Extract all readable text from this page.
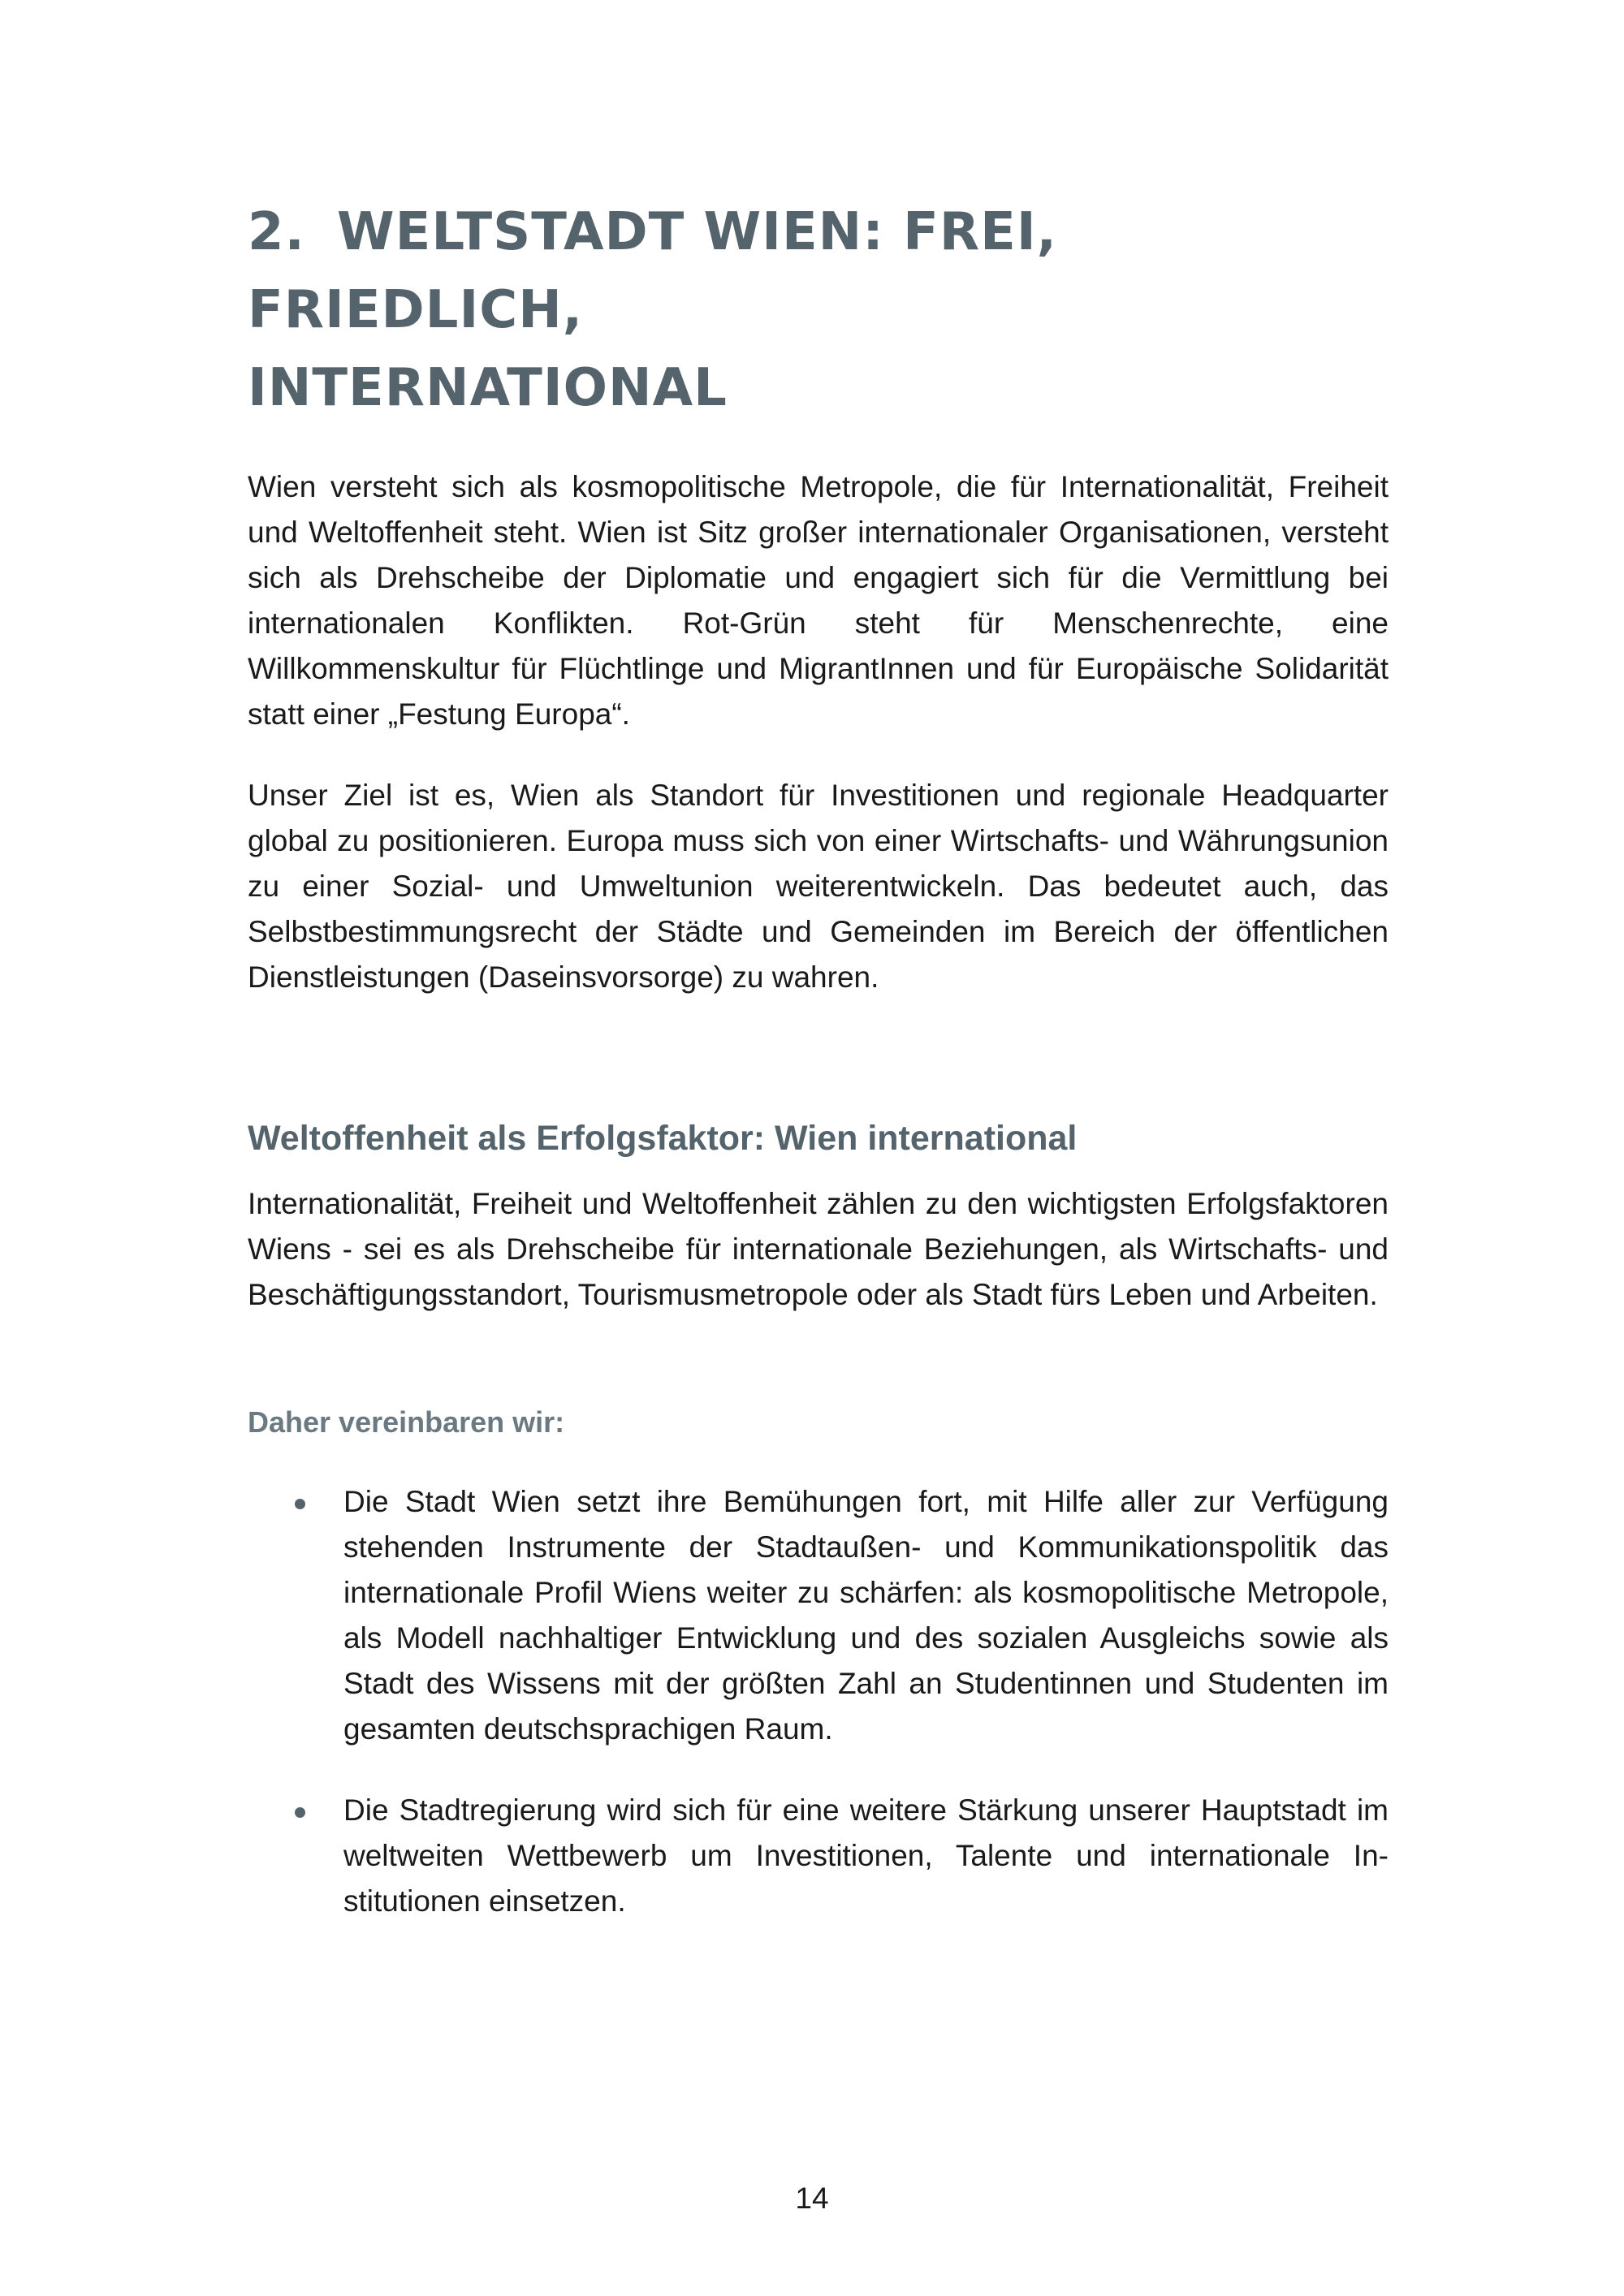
2. WELTSTADT WIEN: FREI, FRIEDLICH,
INTERNATIONAL

Wien versteht sich als kosmopolitische Metropole, die für Internationalität, Freiheit und Weltoffenheit steht. Wien ist Sitz großer internationaler Organisationen, versteht sich als Drehscheibe der Diplomatie und engagiert sich für die Vermittlung bei internationalen Konflikten. Rot-Grün steht für Menschenrechte, eine Willkommenskultur für Flüchtlinge und MigrantInnen und für Europäische Solidarität statt einer „Festung Europa“.

Unser Ziel ist es, Wien als Standort für Investitionen und regionale Headquarter global zu positionieren. Europa muss sich von einer Wirtschafts- und Währungsunion zu einer Sozial- und Umweltunion weiterentwickeln. Das bedeutet auch, das Selbstbestimmungsrecht der Städte und Gemeinden im Bereich der öffentlichen Dienstleistungen (Daseinsvorsorge) zu wahren.

Weltoffenheit als Erfolgsfaktor: Wien international

Internationalität, Freiheit und Weltoffenheit zählen zu den wichtigsten Erfolgsfaktoren Wiens - sei es als Drehscheibe für internationale Beziehungen, als Wirtschafts- und Beschäftigungsstandort, Tourismusmetropole oder als Stadt fürs Leben und Arbeiten.

Daher vereinbaren wir:
Die Stadt Wien setzt ihre Bemühungen fort, mit Hilfe aller zur Verfügung stehenden Instrumente der Stadtaußen- und Kommunikationspolitik das internationale Profil Wiens weiter zu schärfen: als kosmopolitische Metropole, als Modell nachhaltiger Entwicklung und des sozialen Ausgleichs sowie als Stadt des Wissens mit der größten Zahl an Studentinnen und Studenten im gesamten deutschsprachigen Raum.
Die Stadtregierung wird sich für eine weitere Stärkung unserer Hauptstadt im weltweiten Wettbewerb um Investitionen, Talente und internationale Institutionen einsetzen.
14
